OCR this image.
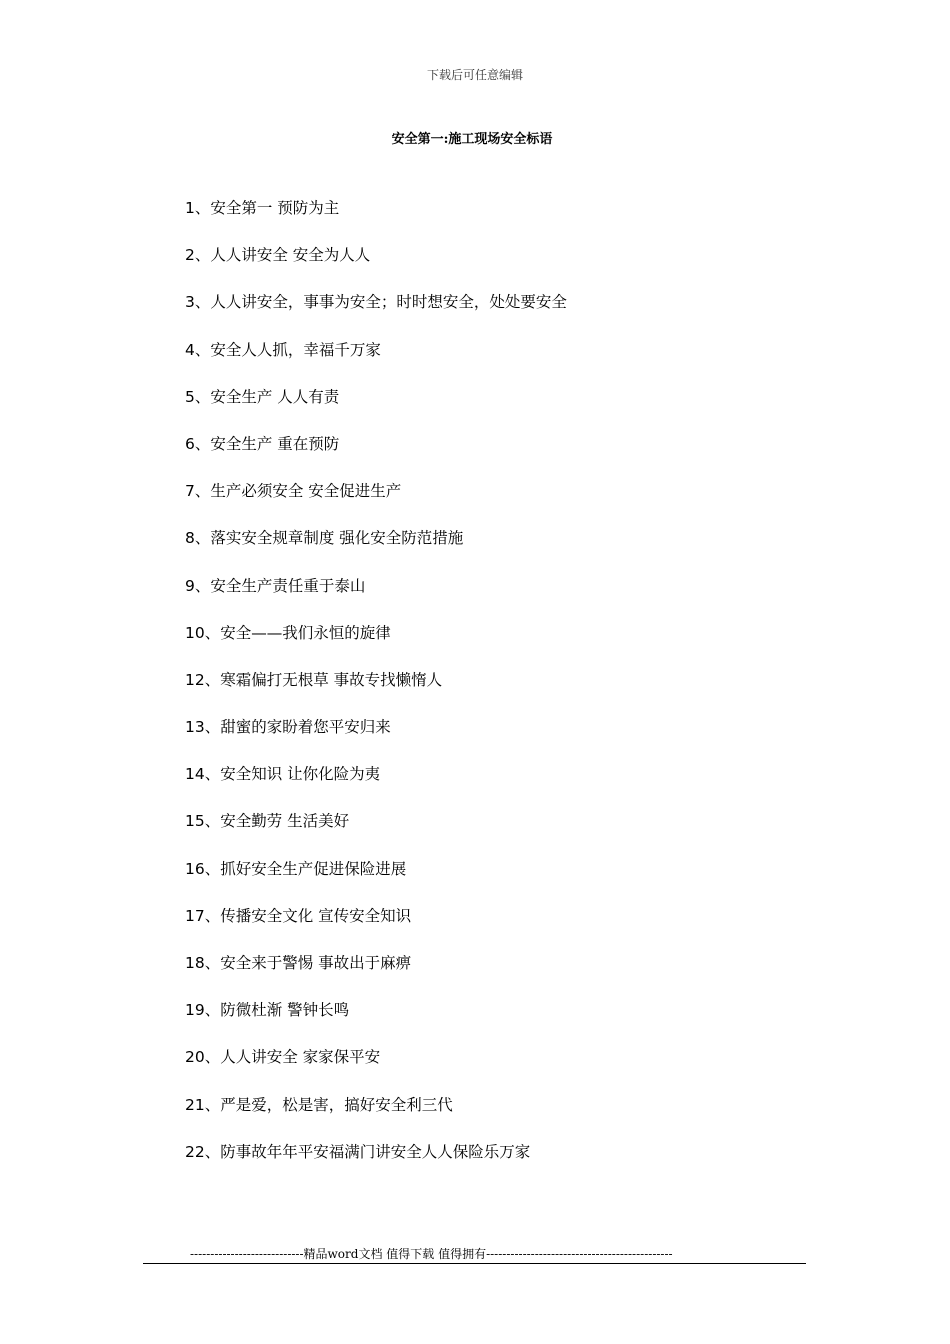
下载后可任意编辑
安全第一:施工现场安全标语
1、安全第一 预防为主
2、人人讲安全 安全为人人
3、人人讲安全，事事为安全；时时想安全，处处要安全
4、安全人人抓，幸福千万家
5、安全生产 人人有责
6、安全生产 重在预防
7、生产必须安全 安全促进生产
8、落实安全规章制度 强化安全防范措施
9、安全生产责任重于泰山
10、安全——我们永恒的旋律
12、寒霜偏打无根草 事故专找懒惰人
13、甜蜜的家盼着您平安归来
14、安全知识 让你化险为夷
15、安全勤劳 生活美好
16、抓好安全生产促进保险进展
17、传播安全文化 宣传安全知识
18、安全来于警惕 事故出于麻痹
19、防微杜渐 警钟长鸣
20、人人讲安全 家家保平安
21、严是爱，松是害，搞好安全利三代
22、防事故年年平安福满门讲安全人人保险乐万家
----------------------------精品word文档 值得下载 值得拥有----------------------------------------------
